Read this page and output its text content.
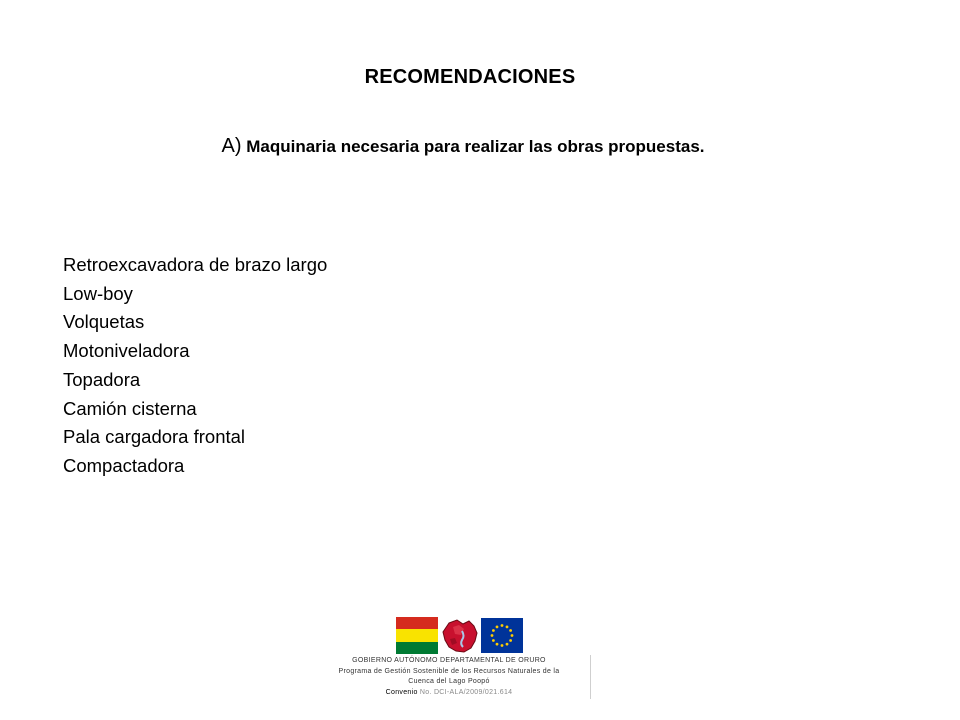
RECOMENDACIONES
A) Maquinaria necesaria para realizar las obras propuestas.
Retroexcavadora de brazo largo
Low-boy
Volquetas
Motoniveladora
Topadora
Camión cisterna
Pala cargadora frontal
Compactadora
GOBIERNO AUTÓNOMO DEPARTAMENTAL DE ORURO
Programa de Gestión Sostenible de los Recursos Naturales de la
Cuenca del Lago Poopó
Convenio No. DCI-ALA/2009/021.614
